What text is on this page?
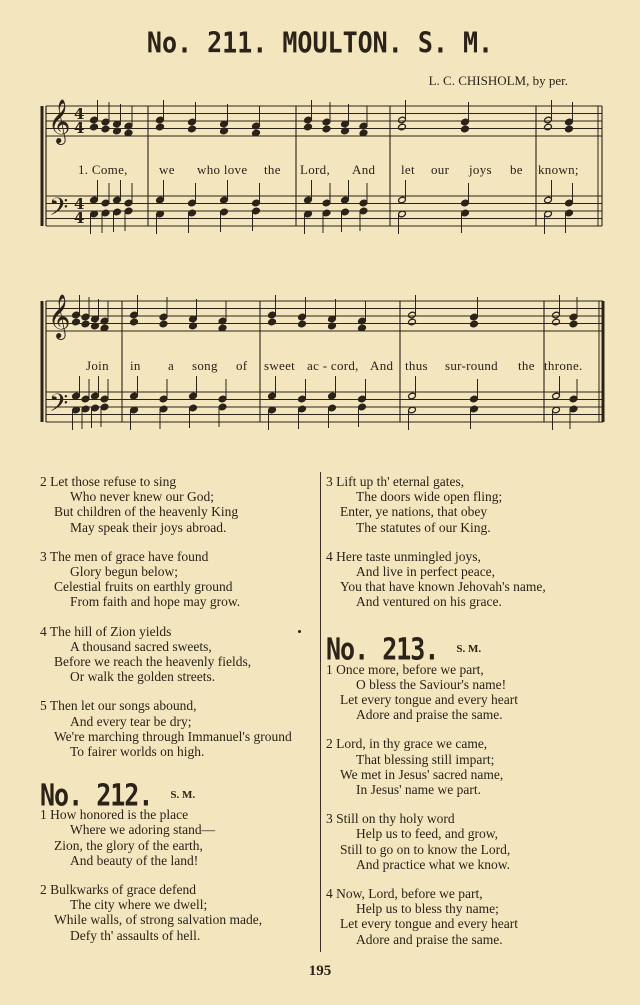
No. 211. MOULTON. S. M.
L. C. CHISHOLM, by per.
𝄞
𝄢
4
4
4
4
𝄞
𝄢
1. Come, we who love the Lord, And let our joys be known;
Join in a song of sweet ac - cord, And thus sur-round the throne.
2 Let those refuse to sing
Who never knew our God;
But children of the heavenly King
May speak their joys abroad.
3 The men of grace have found
Glory begun below;
Celestial fruits on earthly ground
From faith and hope may grow.
4 The hill of Zion yields
A thousand sacred sweets,
Before we reach the heavenly fields,
Or walk the golden streets.
5 Then let our songs abound,
And every tear be dry;
We're marching through Immanuel's ground
To fairer worlds on high.
No. 212. S. M.
1 How honored is the place
Where we adoring stand—
Zion, the glory of the earth,
And beauty of the land!
2 Bulkwarks of grace defend
The city where we dwell;
While walls, of strong salvation made,
Defy th' assaults of hell.
3 Lift up th' eternal gates,
The doors wide open fling;
Enter, ye nations, that obey
The statutes of our King.
4 Here taste unmingled joys,
And live in perfect peace,
You that have known Jehovah's name,
And ventured on his grace.
No. 213. S. M.
1 Once more, before we part,
O bless the Saviour's name!
Let every tongue and every heart
Adore and praise the same.
2 Lord, in thy grace we came,
That blessing still impart;
We met in Jesus' sacred name,
In Jesus' name we part.
3 Still on thy holy word
Help us to feed, and grow,
Still to go on to know the Lord,
And practice what we know.
4 Now, Lord, before we part,
Help us to bless thy name;
Let every tongue and every heart
Adore and praise the same.
195
